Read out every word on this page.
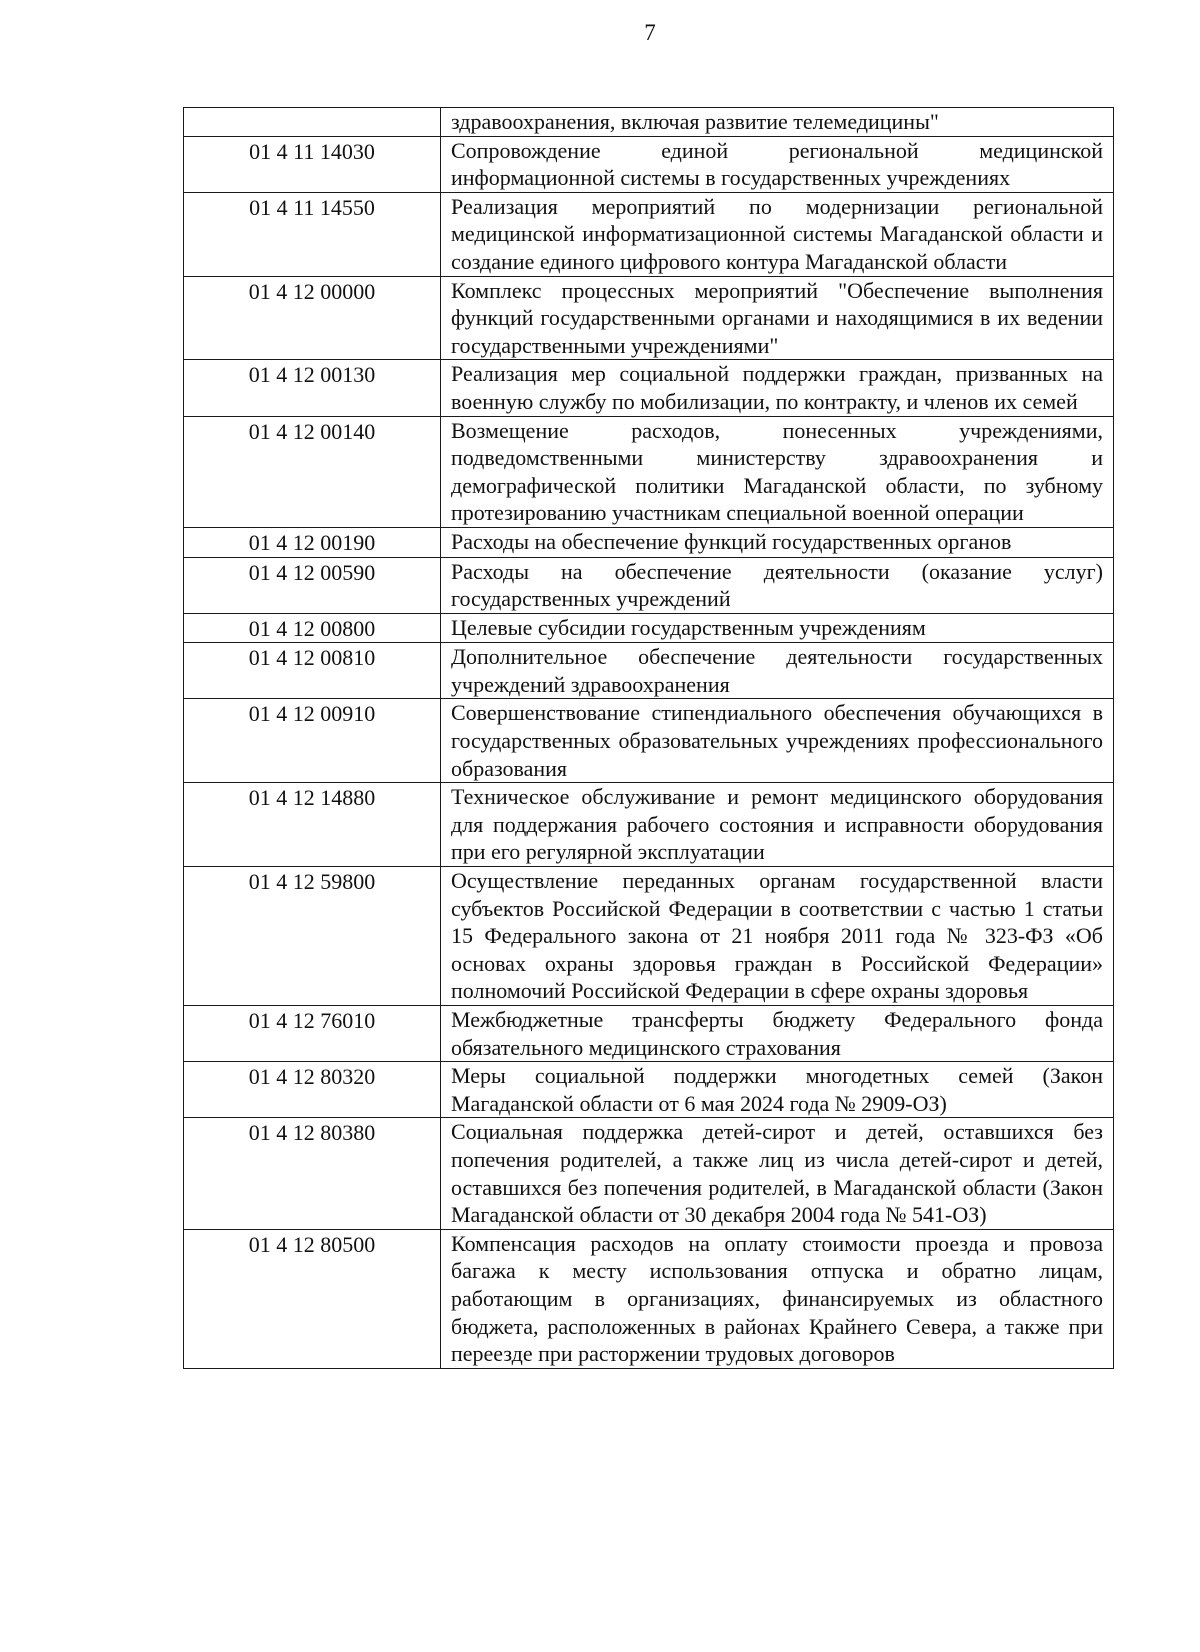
7
	здравоохранения, включая развитие телемедицины"
01 4 11 14030	Сопровождение единой региональной медицинской информационной системы в государственных учреждениях
01 4 11 14550	Реализация мероприятий по модернизации региональной медицинской информатизационной системы Магаданской области и создание единого цифрового контура Магаданской области
01 4 12 00000	Комплекс процессных мероприятий "Обеспечение выполнения функций государственными органами и находящимися в их ведении государственными учреждениями"
01 4 12 00130	Реализация мер социальной поддержки граждан, призванных на военную службу по мобилизации, по контракту, и членов их семей
01 4 12 00140	Возмещение расходов, понесенных учреждениями, подведомственными министерству здравоохранения и демографической политики Магаданской области, по зубному протезированию участникам специальной военной операции
01 4 12 00190	Расходы на обеспечение функций государственных органов
01 4 12 00590	Расходы на обеспечение деятельности (оказание услуг) государственных учреждений
01 4 12 00800	Целевые субсидии государственным учреждениям
01 4 12 00810	Дополнительное обеспечение деятельности государственных учреждений здравоохранения
01 4 12 00910	Совершенствование стипендиального обеспечения обучающихся в государственных образовательных учреждениях профессионального образования
01 4 12 14880	Техническое обслуживание и ремонт медицинского оборудования для поддержания рабочего состояния и исправности оборудования при его регулярной эксплуатации
01 4 12 59800	Осуществление переданных органам государственной власти субъектов Российской Федерации в соответствии с частью 1 статьи 15 Федерального закона от 21 ноября 2011 года № 323-ФЗ «Об основах охраны здоровья граждан в Российской Федерации» полномочий Российской Федерации в сфере охраны здоровья
01 4 12 76010	Межбюджетные трансферты бюджету Федерального фонда обязательного медицинского страхования
01 4 12 80320	Меры социальной поддержки многодетных семей (Закон Магаданской области от 6 мая 2024 года № 2909-ОЗ)
01 4 12 80380	Социальная поддержка детей-сирот и детей, оставшихся без попечения родителей, а также лиц из числа детей-сирот и детей, оставшихся без попечения родителей, в Магаданской области (Закон Магаданской области от 30 декабря 2004 года № 541-ОЗ)
01 4 12 80500	Компенсация расходов на оплату стоимости проезда и провоза багажа к месту использования отпуска и обратно лицам, работающим в организациях, финансируемых из областного бюджета, расположенных в районах Крайнего Севера, а также при переезде при расторжении трудовых договоров
